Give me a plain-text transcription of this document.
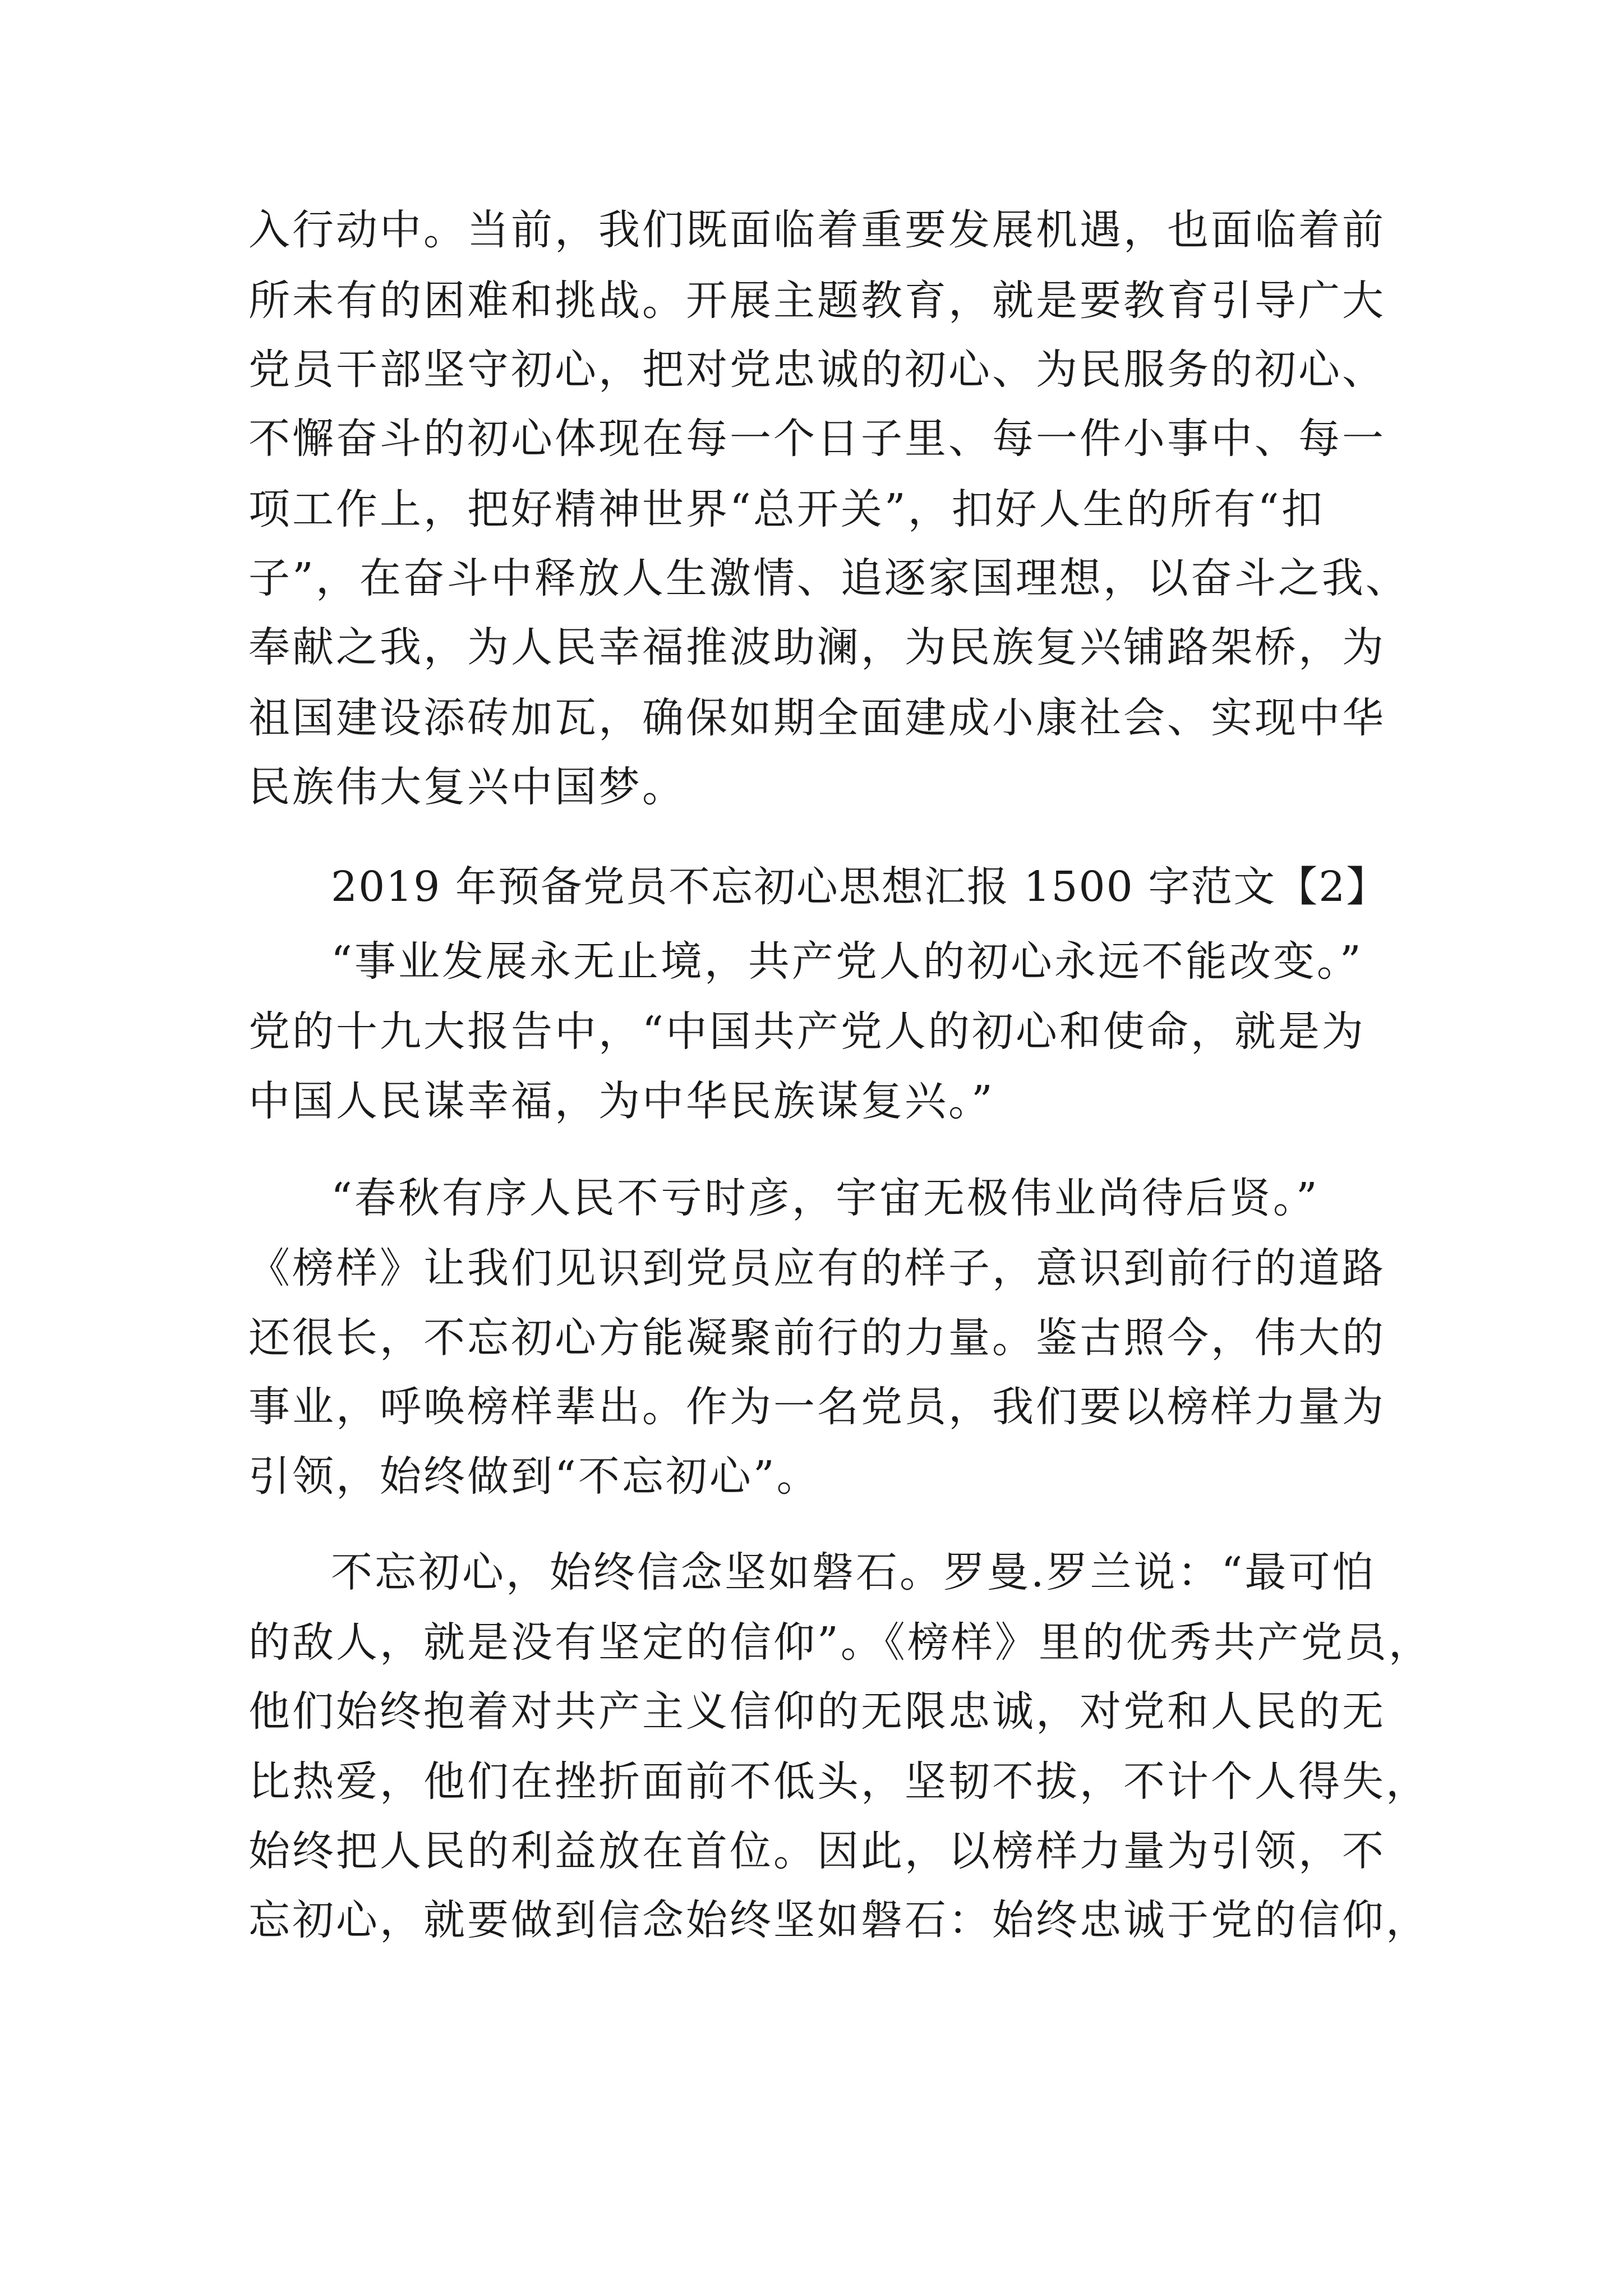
入行动中。当前，我们既面临着重要发展机遇，也面临着前
所未有的困难和挑战。开展主题教育，就是要教育引导广大
党员干部坚守初心，把对党忠诚的初心、为民服务的初心、
不懈奋斗的初心体现在每一个日子里、每一件小事中、每一
项工作上，把好精神世界“总开关”，扣好人生的所有“扣
子”，在奋斗中释放人生激情、追逐家国理想，以奋斗之我、
奉献之我，为人民幸福推波助澜，为民族复兴铺路架桥，为
祖国建设添砖加瓦，确保如期全面建成小康社会、实现中华
民族伟大复兴中国梦。
2019 年预备党员不忘初心思想汇报 1500 字范文【2】
“事业发展永无止境，共产党人的初心永远不能改变。”
党的十九大报告中，“中国共产党人的初心和使命，就是为
中国人民谋幸福，为中华民族谋复兴。”
“春秋有序人民不亏时彦，宇宙无极伟业尚待后贤。”
《榜样》让我们见识到党员应有的样子，意识到前行的道路
还很长，不忘初心方能凝聚前行的力量。鉴古照今，伟大的
事业，呼唤榜样辈出。作为一名党员，我们要以榜样力量为
引领，始终做到“不忘初心”。
不忘初心，始终信念坚如磐石。罗曼.罗兰说：“最可怕
的敌人，就是没有坚定的信仰”。《榜样》里的优秀共产党员，
他们始终抱着对共产主义信仰的无限忠诚，对党和人民的无
比热爱，他们在挫折面前不低头，坚韧不拔，不计个人得失，
始终把人民的利益放在首位。因此，以榜样力量为引领，不
忘初心，就要做到信念始终坚如磐石：始终忠诚于党的信仰，
